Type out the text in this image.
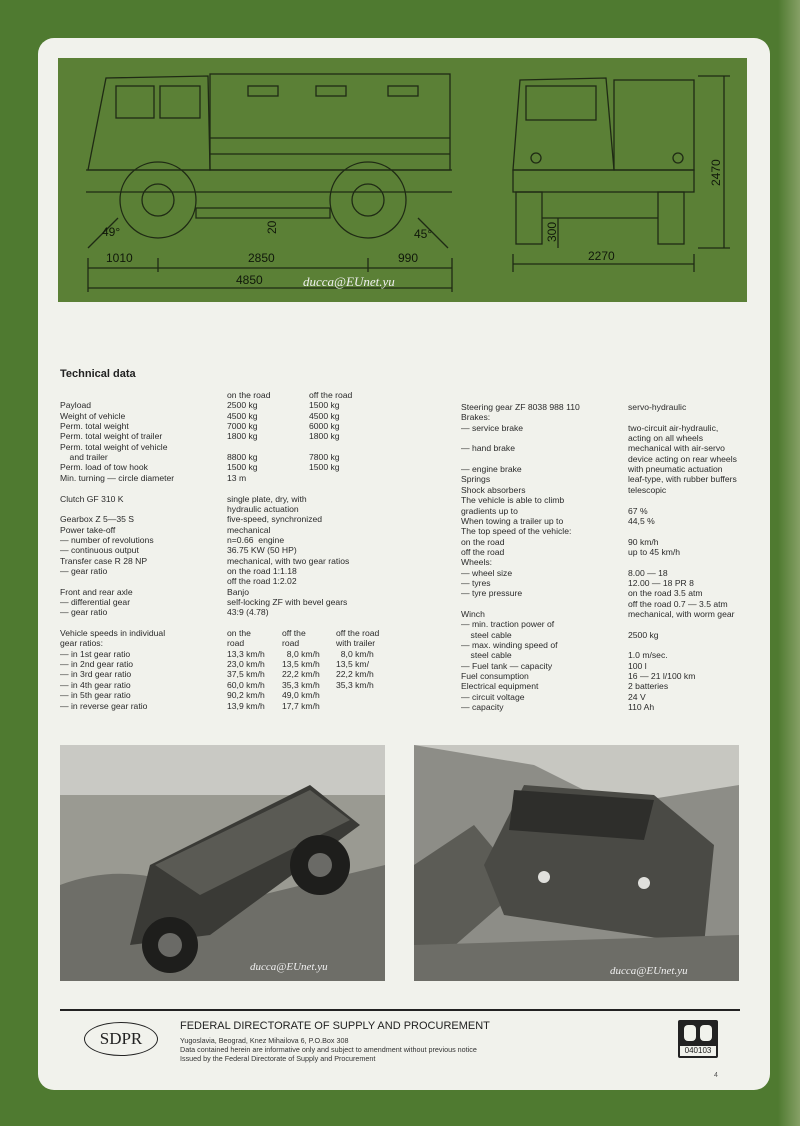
1010	2850	990
4850
49°	45°
20
2270
2470
300
ducca@EUnet.yu
Technical data
on the road	off the road
Payload	2500 kg	1500 kg
Weight of vehicle	4500 kg	4500 kg
Perm. total weight	7000 kg	6000 kg
Perm. total weight of trailer	1800 kg	1800 kg
Perm. total weight of vehicle
and trailer	8800 kg	7800 kg
Perm. load of tow hook	1500 kg	1500 kg
Min. turning — circle diameter	13 m
Clutch GF 310 K	single plate, dry, with
hydraulic actuation
Gearbox Z 5—35 S	five-speed, synchronized
Power take-off	mechanical
— number of revolutions	n=0.66  engine
— continuous output	36.75 KW (50 HP)
Transfer case R 28 NP	mechanical, with two gear ratios
— gear ratio	on the road 1:1.18
off the road 1:2.02
Front and rear axle	Banjo
— differential gear	self-locking ZF with bevel gears
— gear ratio	43:9 (4.78)
Vehicle speeds in individual	on the	off the	off the road
gear ratios:	road	road	with trailer
— in 1st gear ratio	13,3 km/h 8,0 km/h 8,0 km/h
— in 2nd gear ratio	23,0 km/h 13,5 km/h 13,5 km/
— in 3rd gear ratio	37,5 km/h 22,2 km/h 22,2 km/h
— in 4th gear ratio	60,0 km/h 35,3 km/h 35,3 km/h
— in 5th gear ratio	90,2 km/h 49,0 km/h
— in reverse gear ratio	13,9 km/h 17,7 km/h
Steering gear ZF 8038 988 110	servo-hydraulic
Brakes:
— service brake	two-circuit air-hydraulic,
acting on all wheels
— hand brake	mechanical with air-servo
device acting on rear wheels
— engine brake	with pneumatic actuation
Springs	leaf-type, with rubber buffers
Shock absorbers	telescopic
The vehicle is able to climb
gradients up to	67 %
When towing a trailer up to	44,5 %
The top speed of the vehicle:
on the road	90 km/h
off the road	up to 45 km/h
Wheels:
— wheel size	8.00 — 18
— tyres	12.00 — 18 PR 8
— tyre pressure	on the road 3.5 atm
off the road 0.7 — 3.5 atm
Winch	mechanical, with worm gear
— min. traction power of
steel cable	2500 kg
— max. winding speed of
steel cable	1.0 m/sec.
— Fuel tank — capacity	100 l
Fuel consumption	16 — 21 l/100 km
Electrical equipment	2 batteries
— circuit voltage	24 V
— capacity	110 Ah
ducca@EUnet.yu	ducca@EUnet.yu
SDPR
FEDERAL DIRECTORATE OF SUPPLY AND PROCUREMENT
Yugoslavia, Beograd, Knez Mihailova 6, P.O.Box 308
Data contained herein are informative only and subject to amendment without previous notice
Issued by the Federal Directorate of Supply and Procurement
040103
4
